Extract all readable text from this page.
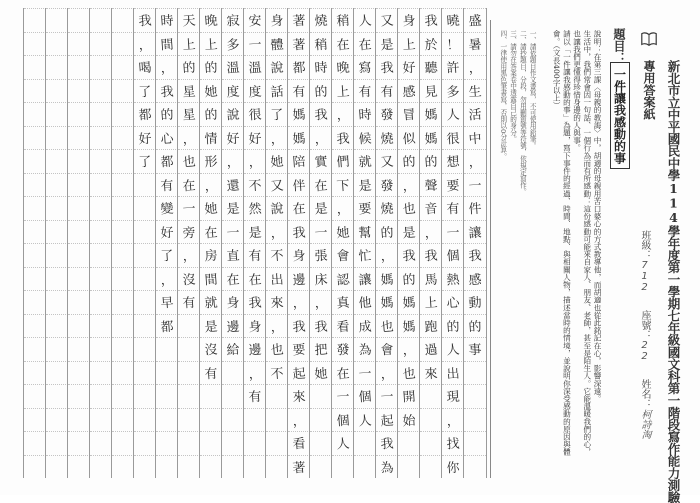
新北市立中平國民中學114學年度第一學期七年級國文科第一階段寫作能力測驗
專用答案紙
班級：712 座號：22 姓名：柯詩淘
題目：
一件讓我感動的事

說明：在第三課〈母親的教誨〉中，胡適的母親用苦口婆心的方式教導他，而胡適也從此銘記在心，影響深遠。

生活中，我們常會因一句話、一個行為而有所感動：這份感動可能來自家人、朋友、老師，甚至是陌生人。它能溫暖我們的心，也讓我們更懂得珍惜身邊的人與事。

請以「一件讓我感動的事」為題，寫下事件的經過、時間、地點、與相關人物，描述當時的情境，並說明你深受感動的原因與體會。（文長400字以上）

一、請依題目作文書寫，不可使用鉛筆。

二、請抄題目，分段，勿用刪節號等符號，依規定寫作。

三、請勿在答案卷中透露自己的身分。

四、一律使用黑色筆書寫，否則以0分計算。

我
，
喝
了
都
好
了
時
間
，
我
的
心
都
有
變
好
了
，
早
都
天
上
的
星
星
，
也
在
一
旁
，
沒
有
晚
上
的
她
的
情
形
，
她
在
房
間
就
是
沒
有
寂
多
溫
度
說
好
，
還
是
一
直
在
身
邊
給
安
一
溫
度
很
好
，
不
然
是
有
在
我
身
邊
，
有
身
體
說
話
了
，
她
又
說
，
不
出
來
，
也
不
著
著
都
有
媽
媽
陪
伴
在
我
身
邊
，
我
要
起
來
，
看
著
燒
稍
時
的
我
，
實
在
是
一
張
床
，
我
把
她
稍
在
晚
上
，
我
們
下
，
她
會
認
真
看
發
在
一
個
人
人
在
寫
有
時
候
就
是
要
幫
忙
讓
他
成
為
一
個
人
又
是
我
有
發
燒
又
發
燒
的
，
媽
媽
也
會
，
一
起
我
為
身
上
好
感
冒
似
的
，
也
是
我
的
媽
媽
，
也
開
始
我
於
聽
見
媽
媽
的
聲
音
，
我
馬
上
跑
過
來
曉
！
許
多
人
很
想
要
有
一
個
熱
心
的
人
出
現
，
找
你
盛
暑
，
生
活
中
，
一
件
讓
我
感
動
的
事
